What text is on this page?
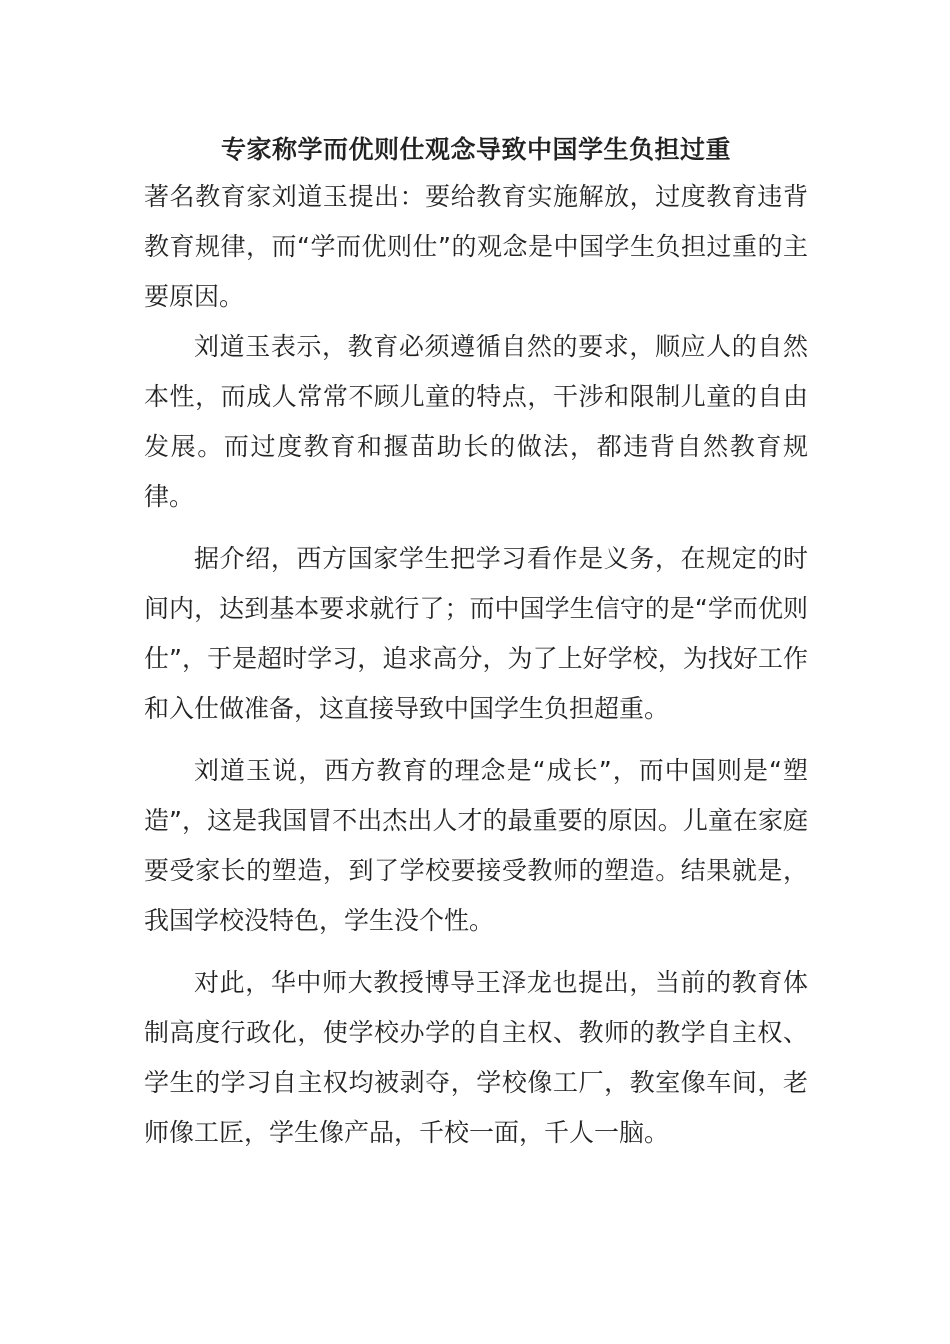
专家称学而优则仕观念导致中国学生负担过重

著名教育家刘道玉提出：要给教育实施解放，过度教育违背教育规律，而“学而优则仕”的观念是中国学生负担过重的主要原因。

刘道玉表示，教育必须遵循自然的要求，顺应人的自然本性，而成人常常不顾儿童的特点，干涉和限制儿童的自由发展。而过度教育和揠苗助长的做法，都违背自然教育规律。

据介绍，西方国家学生把学习看作是义务，在规定的时间内，达到基本要求就行了；而中国学生信守的是“学而优则仕”，于是超时学习，追求高分，为了上好学校，为找好工作和入仕做准备，这直接导致中国学生负担超重。

刘道玉说，西方教育的理念是“成长”，而中国则是“塑造”，这是我国冒不出杰出人才的最重要的原因。儿童在家庭要受家长的塑造，到了学校要接受教师的塑造。结果就是，我国学校没特色，学生没个性。

对此，华中师大教授博导王泽龙也提出，当前的教育体制高度行政化，使学校办学的自主权、教师的教学自主权、学生的学习自主权均被剥夺，学校像工厂，教室像车间，老师像工匠，学生像产品，千校一面，千人一脑。
